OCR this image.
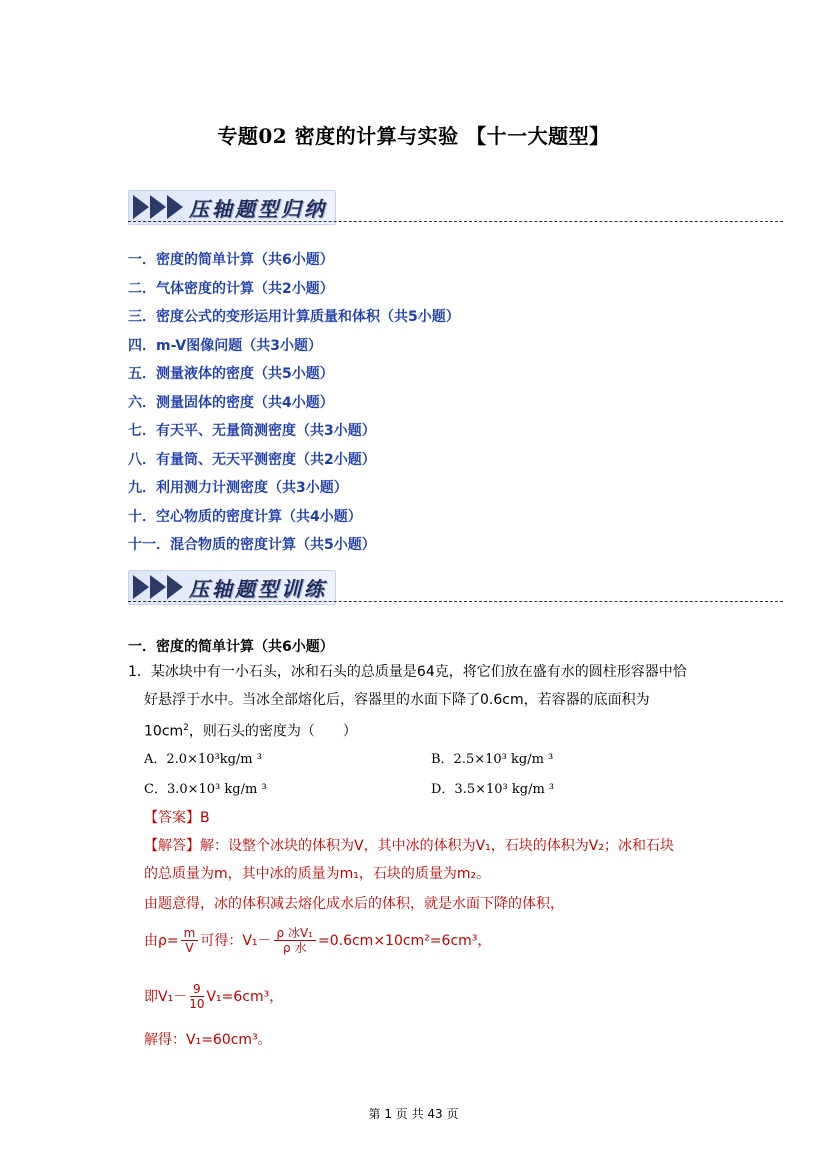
专题02 密度的计算与实验 【十一大题型】
压轴题型归纳
一．密度的简单计算（共6小题）
二．气体密度的计算（共2小题）
三．密度公式的变形运用计算质量和体积（共5小题）
四．m-V图像问题（共3小题）
五．测量液体的密度（共5小题）
六．测量固体的密度（共4小题）
七．有天平、无量筒测密度（共3小题）
八．有量筒、无天平测密度（共2小题）
九．利用测力计测密度（共3小题）
十．空心物质的密度计算（共4小题）
十一．混合物质的密度计算（共5小题）
压轴题型训练
一．密度的简单计算（共6小题）
1．某冰块中有一小石头，冰和石头的总质量是64克，将它们放在盛有水的圆柱形容器中恰
好悬浮于水中。当冰全部熔化后，容器里的水面下降了0.6cm，若容器的底面积为
$10cm^2$，则石头的密度为（　　）
A．2.0×10³kg/m ³	B．2.5×10³ kg/m ³
C．3.0×10³ kg/m ³	D．3.5×10³ kg/m ³
【答案】B
【解答】解：设整个冰块的体积为V，其中冰的体积为V₁，石块的体积为V₂；冰和石块
的总质量为m，其中冰的质量为m₁，石块的质量为m₂。
由题意得，冰的体积减去熔化成水后的体积，就是水面下降的体积，
由$\rho= \frac{m}{V}$ 可得：$V_1- \frac{\text{ρ 冰V₁}}{\text{ρ 水}} =0.6cm\times 10cm^2=6cm^3$，
即$V_1- \frac{9}{10} V_1=6cm^3$，
解得：V₁=60cm³。
第 1 页 共 43 页
